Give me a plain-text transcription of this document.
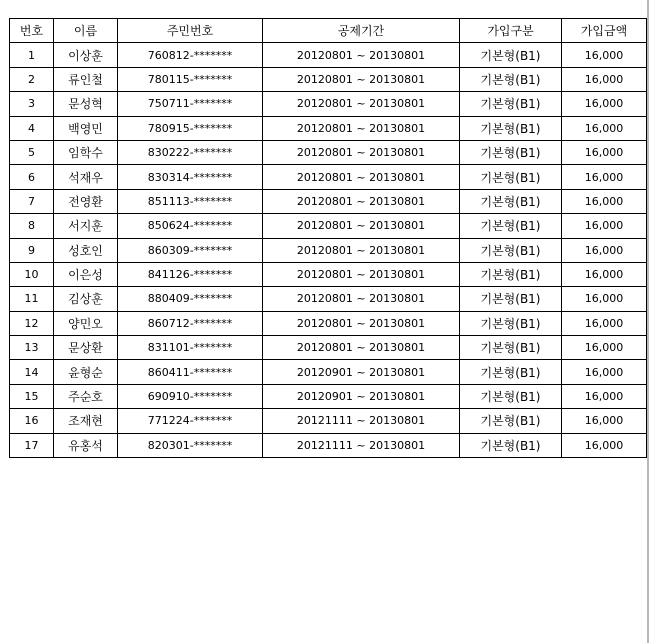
번호	이름	주민번호	공제기간	가입구분	가입금액
1	이상훈	760812-*******	20120801 ~ 20130801	기본형(B1)	16,000
2	류인철	780115-*******	20120801 ~ 20130801	기본형(B1)	16,000
3	문성혁	750711-*******	20120801 ~ 20130801	기본형(B1)	16,000
4	백영민	780915-*******	20120801 ~ 20130801	기본형(B1)	16,000
5	임학수	830222-*******	20120801 ~ 20130801	기본형(B1)	16,000
6	석재우	830314-*******	20120801 ~ 20130801	기본형(B1)	16,000
7	전영환	851113-*******	20120801 ~ 20130801	기본형(B1)	16,000
8	서지훈	850624-*******	20120801 ~ 20130801	기본형(B1)	16,000
9	성호인	860309-*******	20120801 ~ 20130801	기본형(B1)	16,000
10	이은성	841126-*******	20120801 ~ 20130801	기본형(B1)	16,000
11	김상훈	880409-*******	20120801 ~ 20130801	기본형(B1)	16,000
12	양민오	860712-*******	20120801 ~ 20130801	기본형(B1)	16,000
13	문상환	831101-*******	20120801 ~ 20130801	기본형(B1)	16,000
14	윤형순	860411-*******	20120901 ~ 20130801	기본형(B1)	16,000
15	주순호	690910-*******	20120901 ~ 20130801	기본형(B1)	16,000
16	조재현	771224-*******	20121111 ~ 20130801	기본형(B1)	16,000
17	유홍석	820301-*******	20121111 ~ 20130801	기본형(B1)	16,000
